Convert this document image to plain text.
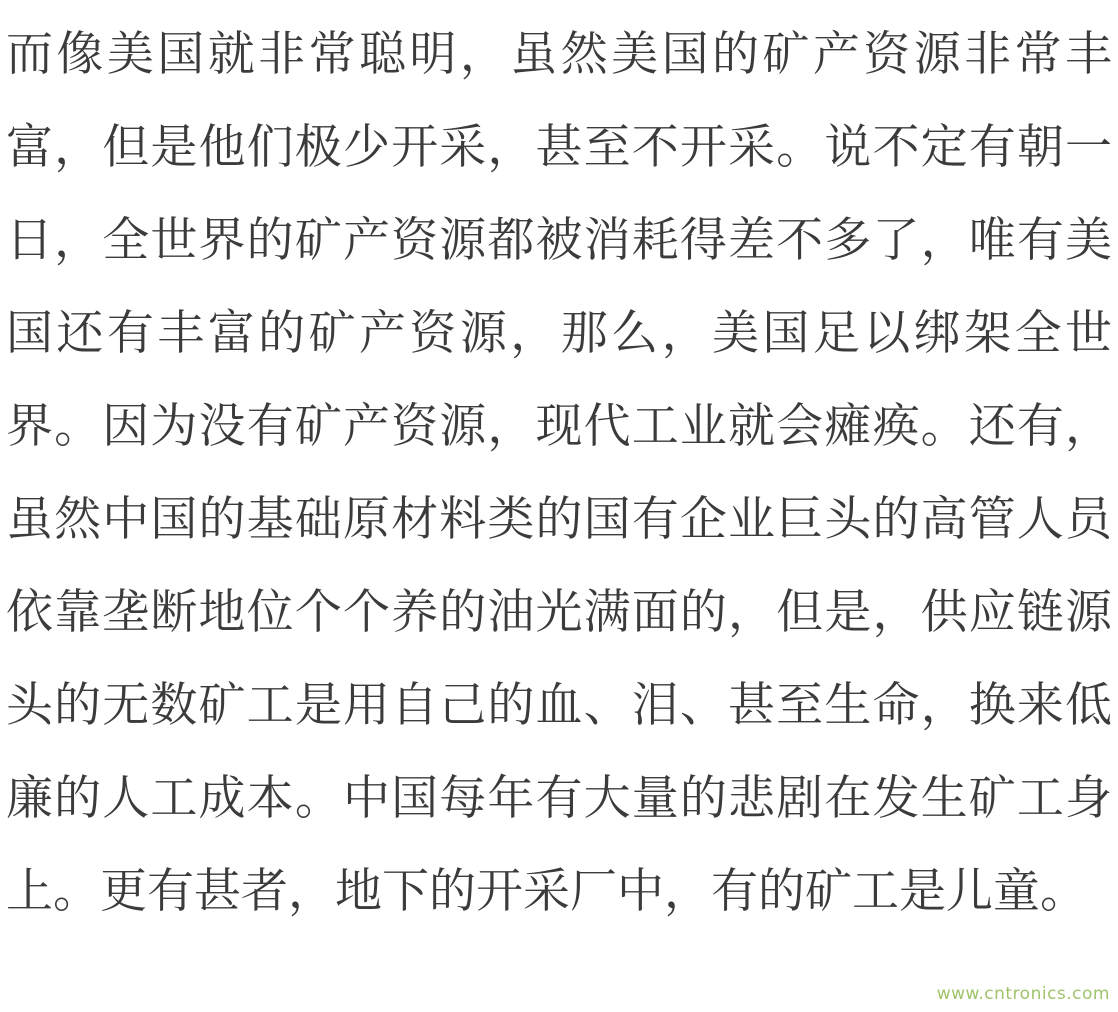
而像美国就非常聪明，虽然美国的矿产资源非常丰富，但是他们极少开采，甚至不开采。说不定有朝一日，全世界的矿产资源都被消耗得差不多了，唯有美国还有丰富的矿产资源，那么，美国足以绑架全世界。因为没有矿产资源，现代工业就会瘫痪。还有，虽然中国的基础原材料类的国有企业巨头的高管人员依靠垄断地位个个养的油光满面的，但是，供应链源头的无数矿工是用自己的血、泪、甚至生命，换来低廉的人工成本。中国每年有大量的悲剧在发生矿工身上。更有甚者，地下的开采厂中，有的矿工是儿童。

www.cntronics.com
